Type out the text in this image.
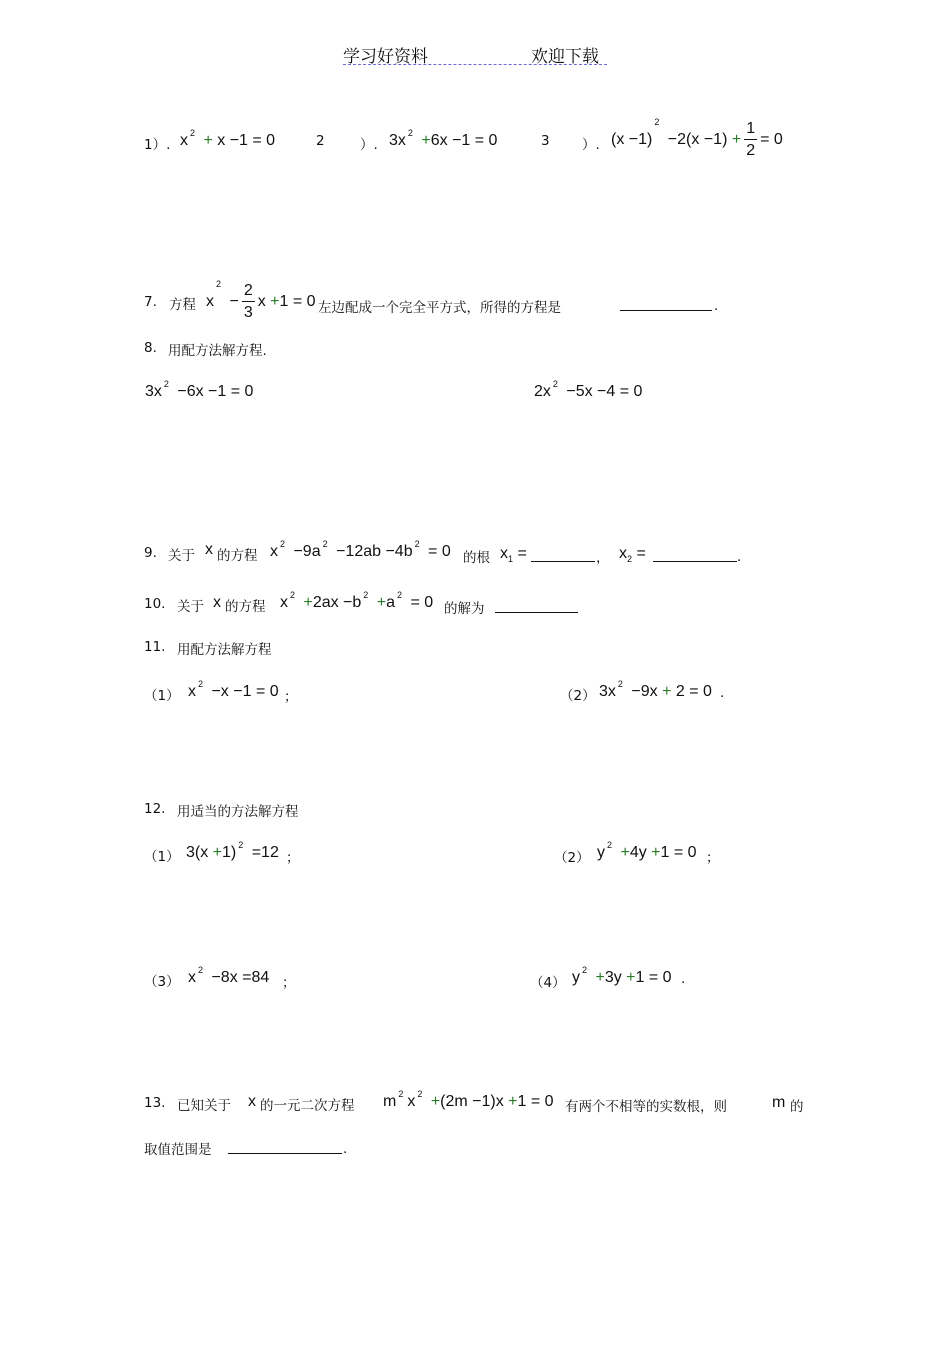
学习好资料	欢迎下载
1）. x $^2$ + x −1 = 0	2	）. 3x $^2$ +6x −1 = 0	3 ）. $(x -1)^2 -2(x -1) + \frac{1}{2} = 0$
7. 方程 $x^2 - \frac{2}{3}$ x +1 = 0 左边配成一个完全平方式，所得的方程是	.
8. 用配方法解方程.
3x $^2$ −6x −1 = 0	2x $^2$ −5x −4 = 0
9. 关于 x 的方程 x $^2$ −9a $^2$ −12ab −4b $^2$ = 0 的根 $x_1$ =	， $x_2$ =	.
10. 关于 x 的方程 x $^2$ +2ax −b $^2$ +a $^2$ = 0 的解为
11. 用配方法解方程
（1） x $^2$ −x −1 = 0 ；	（2） 3x $^2$ −9x + 2 = 0 .
12. 用适当的方法解方程
（1） 3(x +1) $^2$ =12 ；	（2） y $^2$ +4y +1 = 0 ；
（3） x $^2$ −8x =84 ；	（4） y $^2$ +3y +1 = 0 .
13. 已知关于 x 的一元二次方程 m $^2$ x $^2$ +(2m −1)x +1 = 0 有两个不相等的实数根，则	m 的
取值范围是	.
